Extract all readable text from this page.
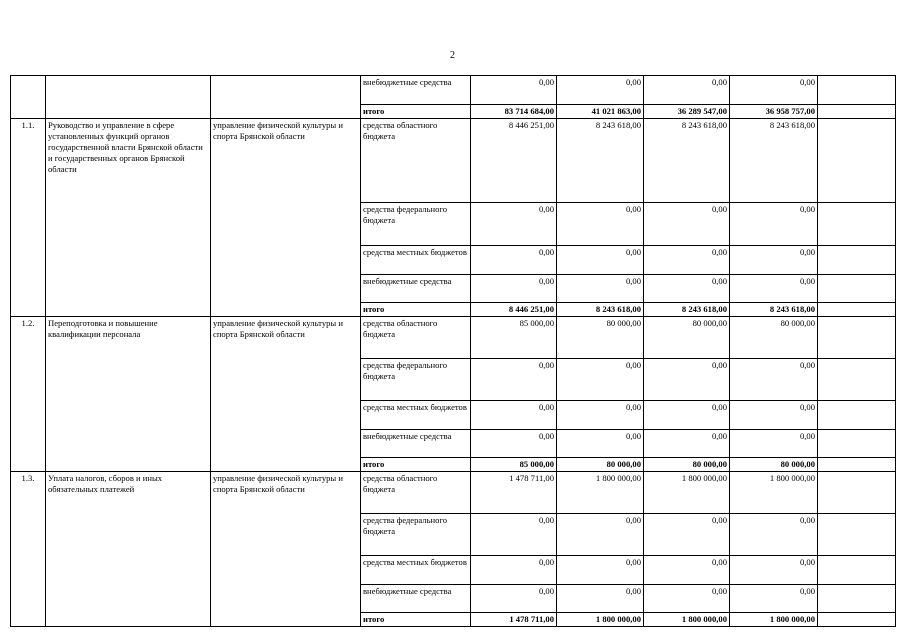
2
			внебюджетные средства	0,00	0,00	0,00	0,00	
			итого	83 714 684,00	41 021 863,00	36 289 547,00	36 958 757,00	
1.1.	Руководство и управление в сфере установленных функций органов государственной власти Брянской области и государственных органов Брянской области	управление физической культуры и спорта Брянской области	средства областного бюджета	8 446 251,00	8 243 618,00	8 243 618,00	8 243 618,00	
			средства федерального бюджета	0,00	0,00	0,00	0,00	
			средства местных бюджетов	0,00	0,00	0,00	0,00	
			внебюджетные средства	0,00	0,00	0,00	0,00	
			итого	8 446 251,00	8 243 618,00	8 243 618,00	8 243 618,00	
1.2.	Переподготовка и повышение квалификации персонала	управление физической культуры и спорта Брянской области	средства областного бюджета	85 000,00	80 000,00	80 000,00	80 000,00	
			средства федерального бюджета	0,00	0,00	0,00	0,00	
			средства местных бюджетов	0,00	0,00	0,00	0,00	
			внебюджетные средства	0,00	0,00	0,00	0,00	
			итого	85 000,00	80 000,00	80 000,00	80 000,00	
1.3.	Уплата налогов, сборов и иных обязательных платежей	управление физической культуры и спорта Брянской области	средства областного бюджета	1 478 711,00	1 800 000,00	1 800 000,00	1 800 000,00	
			средства федерального бюджета	0,00	0,00	0,00	0,00	
			средства местных бюджетов	0,00	0,00	0,00	0,00	
			внебюджетные средства	0,00	0,00	0,00	0,00	
			итого	1 478 711,00	1 800 000,00	1 800 000,00	1 800 000,00	
